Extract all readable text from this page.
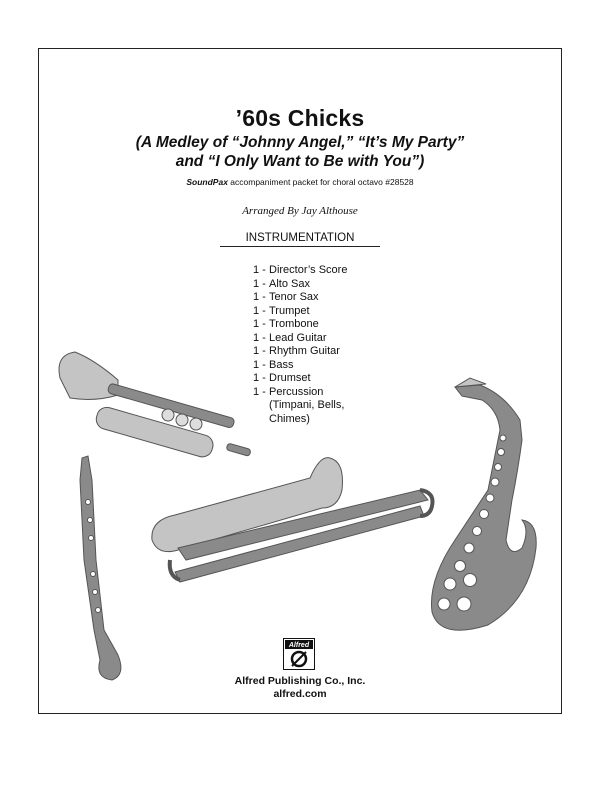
’60s Chicks
(A Medley of “Johnny Angel,” “It’s My Party”
and “I Only Want to Be with You”)
SoundPax accompaniment packet for choral octavo #28528
Arranged By Jay Althouse
INSTRUMENTATION
1 - Director’s Score
1 - Alto Sax
1 - Tenor Sax
1 - Trumpet
1 - Trombone
1 - Lead Guitar
1 - Rhythm Guitar
1 - Bass
1 - Drumset
1 - Percussion
(Timpani, Bells,
Chimes)
Alfred
Alfred Publishing Co., Inc.
alfred.com
